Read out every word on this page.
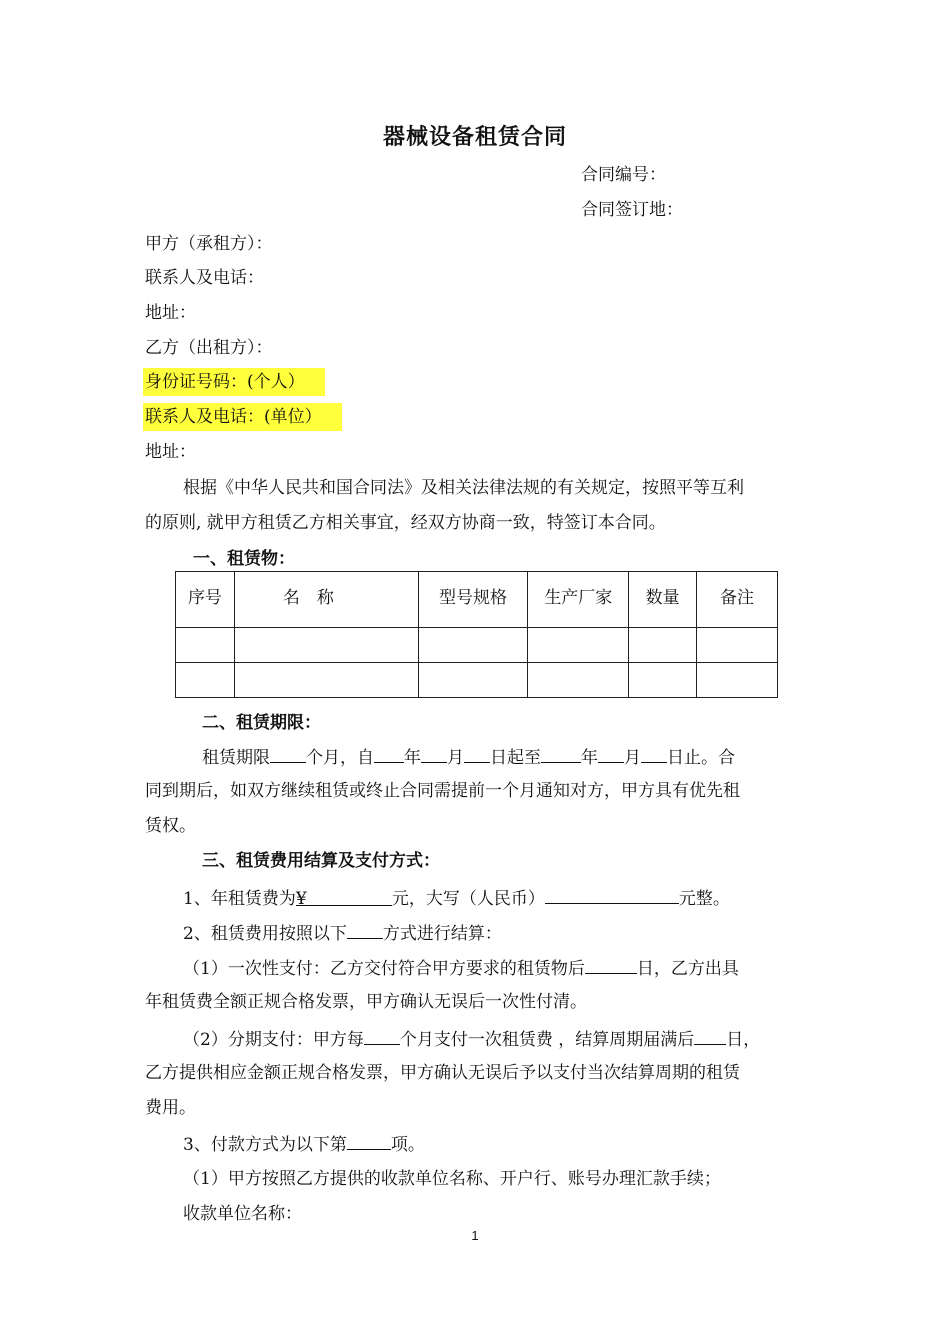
器械设备租赁合同
合同编号：
合同签订地：
甲方（承租方）：
联系人及电话：
地址：
乙方（出租方）：
身份证号码：(个人）
联系人及电话：(单位）
地址：
根据《中华人民共和国合同法》及相关法律法规的有关规定，按照平等互利
的原则, 就甲方租赁乙方相关事宜，经双方协商一致，特签订本合同。
一、租赁物：
序号	名　称	型号规格	生产厂家	数量	备注

二、租赁期限：
租赁期限 个月，自 年 月 日起至 年 月 日止。合
同到期后，如双方继续租赁或终止合同需提前一个月通知对方，甲方具有优先租
赁权。
三、租赁费用结算及支付方式：
1、年租赁费为¥	元，大写（人民币）	元整。
2、租赁费用按照以下 方式进行结算：
（1）一次性支付：乙方交付符合甲方要求的租赁物后	日，乙方出具
年租赁费全额正规合格发票，甲方确认无误后一次性付清。
（2）分期支付：甲方每 个月支付一次租赁费 ，结算周期届满后 日，
乙方提供相应金额正规合格发票，甲方确认无误后予以支付当次结算周期的租赁
费用。
3、付款方式为以下第	项。
（1）甲方按照乙方提供的收款单位名称、开户行、账号办理汇款手续；
收款单位名称：
1
